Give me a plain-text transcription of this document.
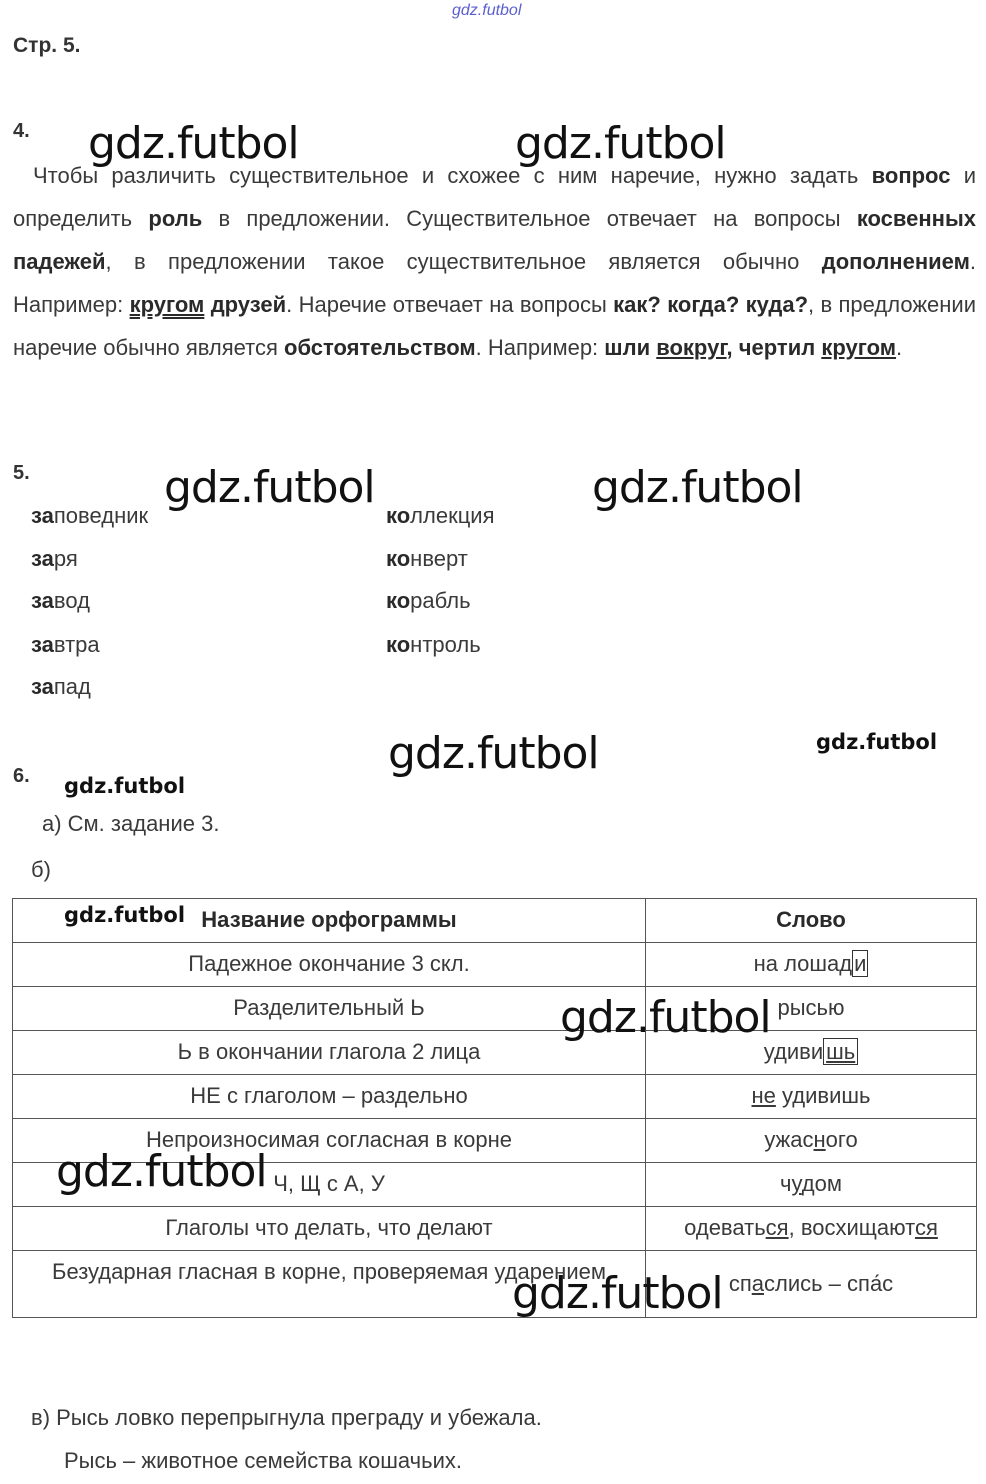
gdz.futbol
Стр. 5.
4. gdz.futbol	gdz.futbol
Чтобы различить существительное и схожее с ним наречие, нужно задать вопрос и определить роль в предложении. Существительное отвечает на вопросы косвенных падежей, в предложении такое существительное является обычно дополнением. Например: кругом друзей. Наречие отвечает на вопросы как? когда? куда?, в предложении наречие обычно является обстоятельством. Например: шли вокруг, чертил кругом.
5.	gdz.futbol	gdz.futbol
заповедник
заря
завод
завтра
запад
коллекция
конверт
корабль
контроль
gdz.futbol	gdz.futbol
6. gdz.futbol
а) См. задание 3.
б)
Название орфограммы	Слово
Падежное окончание 3 скл.	на лошади
Разделительный Ь	рысью
Ь в окончании глагола 2 лица	удиви шь
НЕ с глаголом – раздельно	не удивишь
Непроизносимая согласная в корне	ужасного
Ч, Щ с А, У	чудом
Глаголы что делать, что делают	одеваться, восхищаются
Безударная гласная в корне, проверяемая ударением	спаслись – спа́с
gdz.futbol
gdz.futbol
gdz.futbol
gdz.futbol
в) Рысь ловко перепрыгнула преграду и убежала.
Рысь – животное семейства кошачьих.
